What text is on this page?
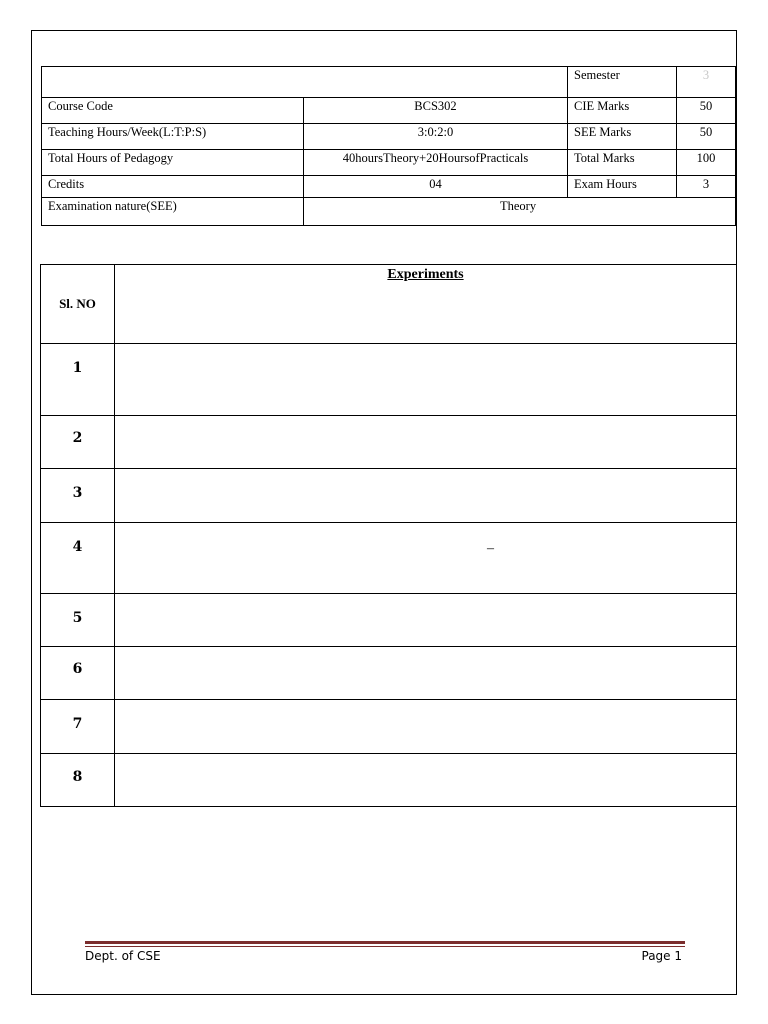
		Semester	3
Course Code	BCS302	CIE Marks	50
Teaching Hours/Week(L:T:P:S)	3:0:2:0	SEE Marks	50
Total Hours of Pedagogy	40hoursTheory+20HoursofPracticals	Total Marks	100
Credits	04	Exam Hours	3
Examination nature(SEE)	Theory		
Sl. NO	Experiments

1	
2	
3	
4	–

5	
6	
7	
8	
Dept. of CSE	Page 1
